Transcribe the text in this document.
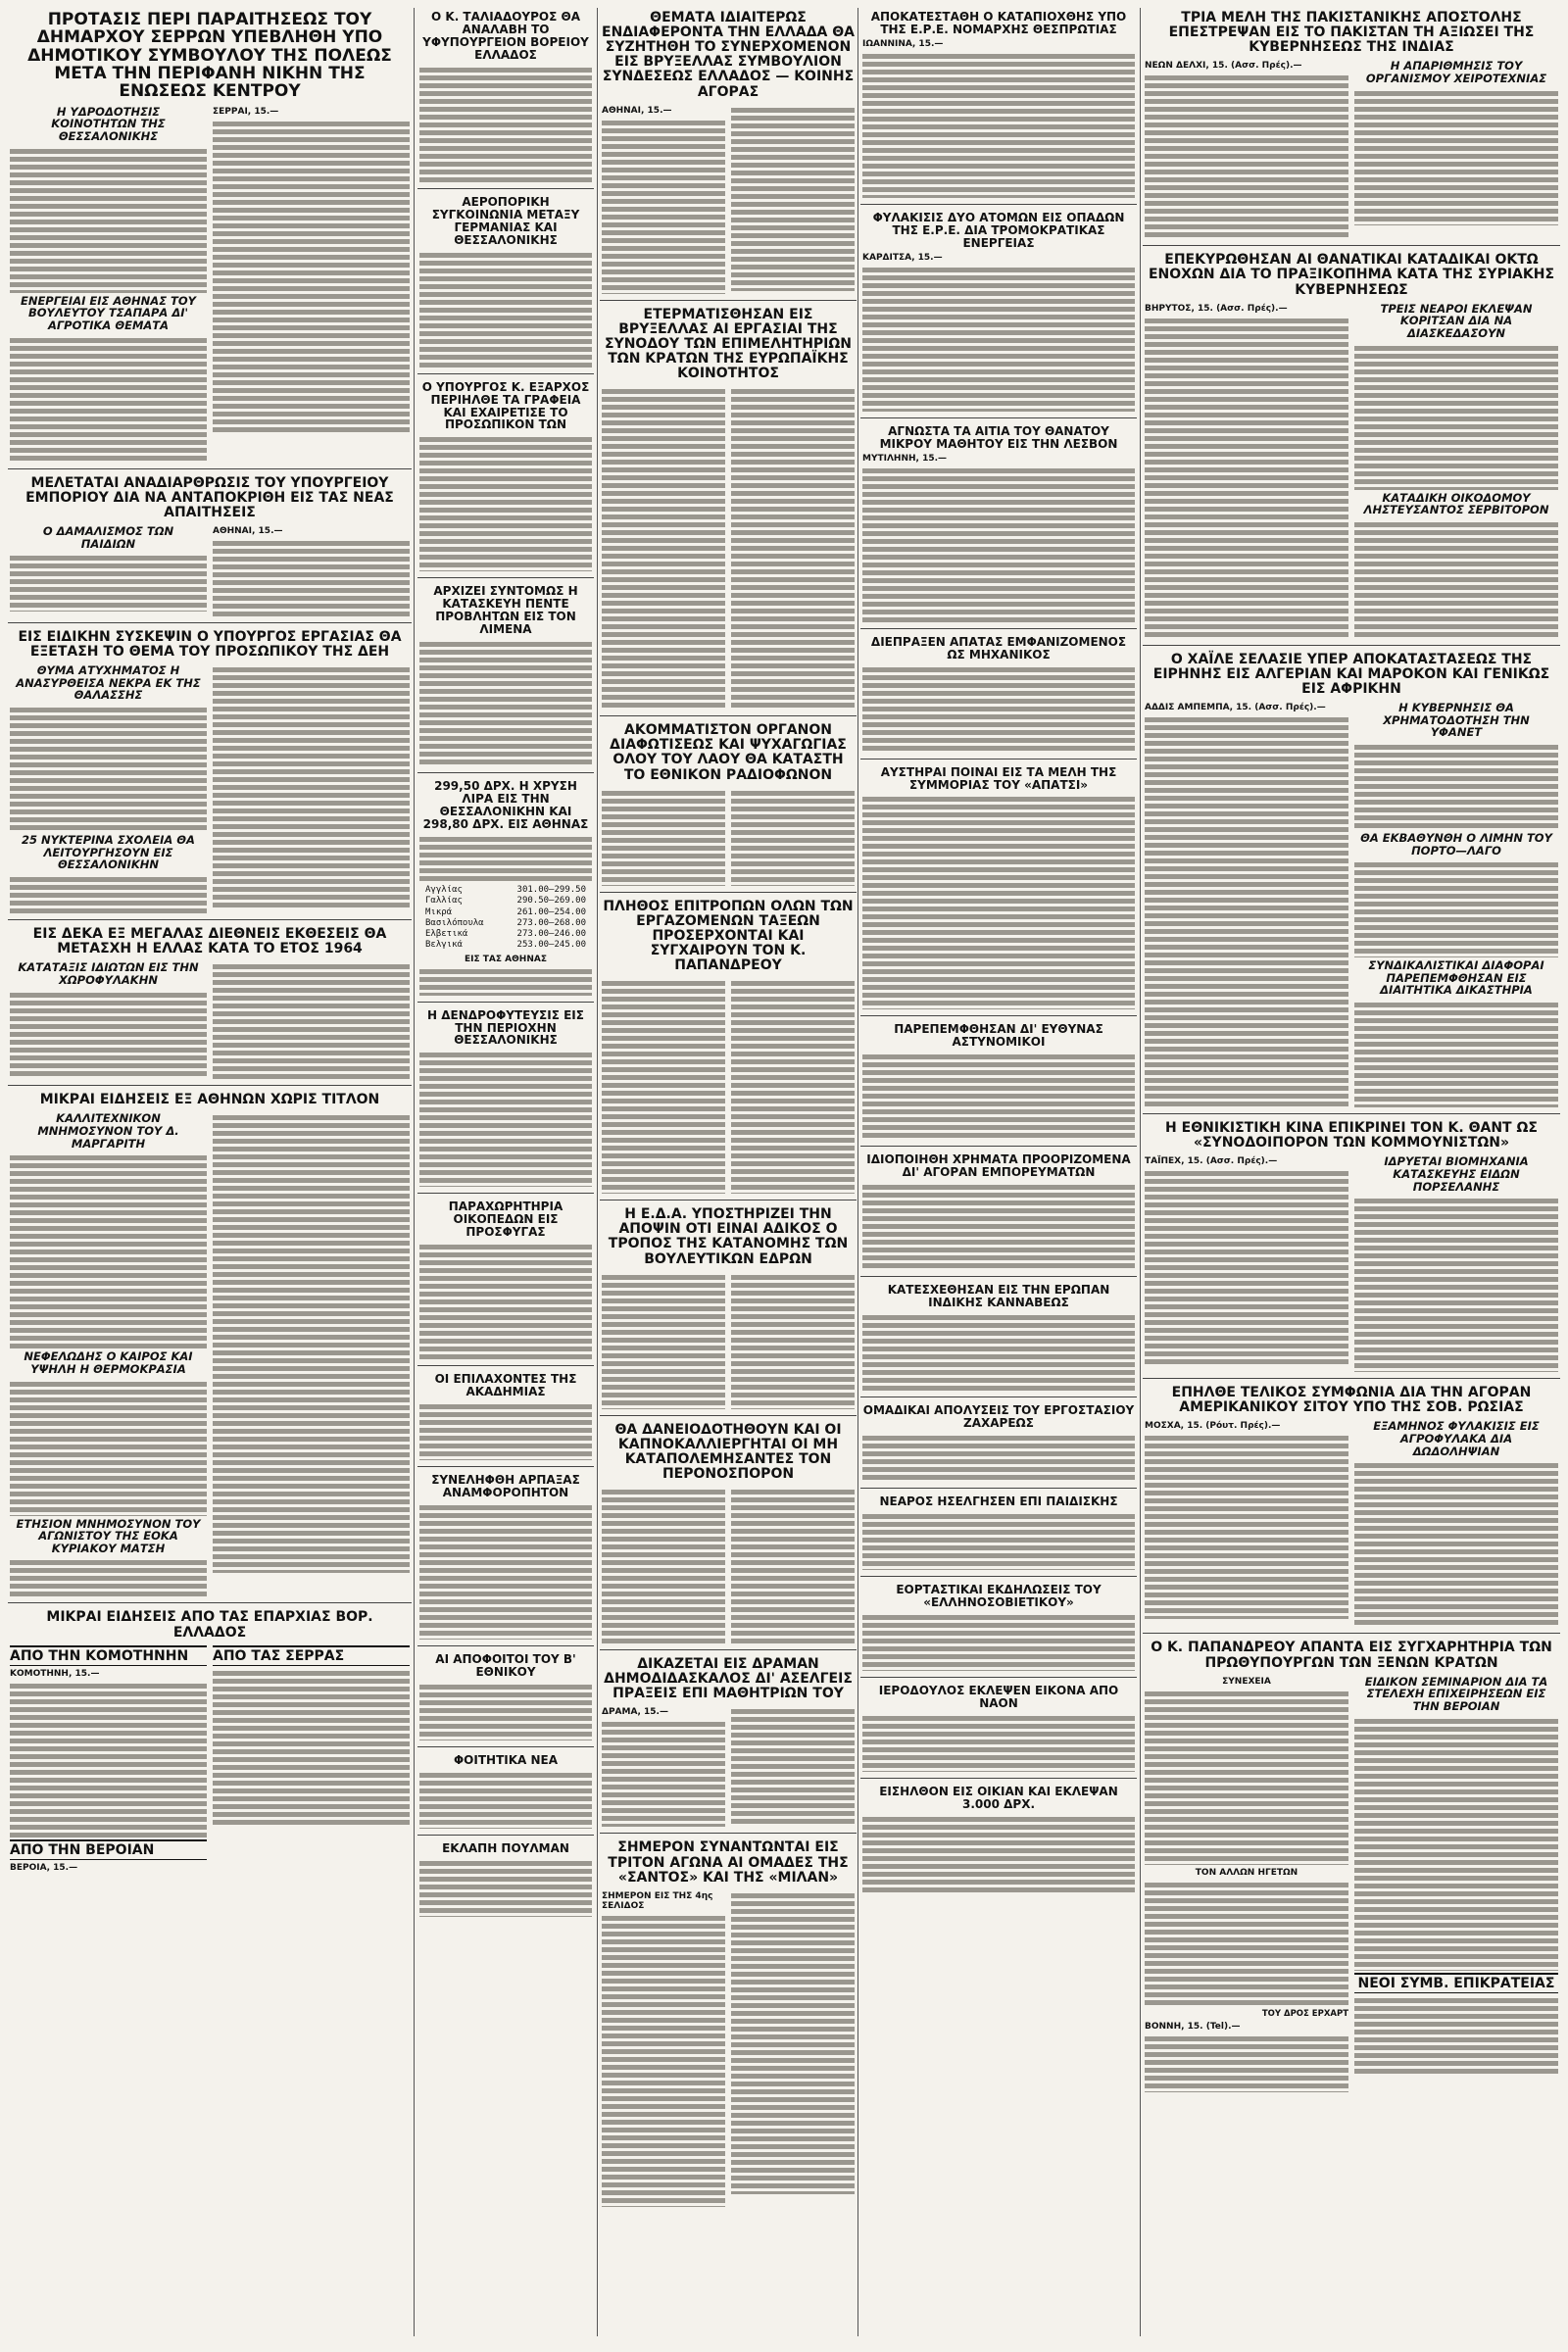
ΠΡΟΤΑΣΙΣ ΠΕΡΙ ΠΑΡΑΙΤΗΣΕΩΣ ΤΟΥ ΔΗΜΑΡΧΟΥ ΣΕΡΡΩΝ ΥΠΕΒΛΗΘΗ ΥΠΟ ΔΗΜΟΤΙΚΟΥ ΣΥΜΒΟΥΛΟΥ ΤΗΣ ΠΟΛΕΩΣ ΜΕΤΑ ΤΗΝ ΠΕΡΙΦΑΝΗ ΝΙΚΗΝ ΤΗΣ ΕΝΩΣΕΩΣ ΚΕΝΤΡΟΥ
Η ΥΔΡΟΔΟΤΗΣΙΣ ΚΟΙΝΟΤΗΤΩΝ ΤΗΣ ΘΕΣΣΑΛΟΝΙΚΗΣ

ΕΝΕΡΓΕΙΑΙ ΕΙΣ ΑΘΗΝΑΣ ΤΟΥ ΒΟΥΛΕΥΤΟΥ ΤΣΑΠΑΡΑ ΔΙ' ΑΓΡΟΤΙΚΑ ΘΕΜΑΤΑ

ΣΕΡΡΑΙ, 15.—

ΜΕΛΕΤΑΤΑΙ ΑΝΑΔΙΑΡΘΡΩΣΙΣ ΤΟΥ ΥΠΟΥΡΓΕΙΟΥ ΕΜΠΟΡΙΟΥ ΔΙΑ ΝΑ ΑΝΤΑΠΟΚΡΙΘΗ ΕΙΣ ΤΑΣ ΝΕΑΣ ΑΠΑΙΤΗΣΕΙΣ
Ο ΔΑΜΑΛΙΣΜΟΣ ΤΩΝ ΠΑΙΔΙΩΝ

ΑΘΗΝΑΙ, 15.—

ΕΙΣ ΕΙΔΙΚΗΝ ΣΥΣΚΕΨΙΝ Ο ΥΠΟΥΡΓΟΣ ΕΡΓΑΣΙΑΣ ΘΑ ΕΞΕΤΑΣΗ ΤΟ ΘΕΜΑ ΤΟΥ ΠΡΟΣΩΠΙΚΟΥ ΤΗΣ ΔΕΗ
ΘΥΜΑ ΑΤΥΧΗΜΑΤΟΣ Η ΑΝΑΣΥΡΘΕΙΣΑ ΝΕΚΡΑ ΕΚ ΤΗΣ ΘΑΛΑΣΣΗΣ

25 ΝΥΚΤΕΡΙΝΑ ΣΧΟΛΕΙΑ ΘΑ ΛΕΙΤΟΥΡΓΗΣΟΥΝ ΕΙΣ ΘΕΣΣΑΛΟΝΙΚΗΝ

ΕΙΣ ΔΕΚΑ ΕΞ ΜΕΓΑΛΑΣ ΔΙΕΘΝΕΙΣ ΕΚΘΕΣΕΙΣ ΘΑ ΜΕΤΑΣΧΗ Η ΕΛΛΑΣ ΚΑΤΑ ΤΟ ΕΤΟΣ 1964
ΚΑΤΑΤΑΞΙΣ ΙΔΙΩΤΩΝ ΕΙΣ ΤΗΝ ΧΩΡΟΦΥΛΑΚΗΝ

ΜΙΚΡΑΙ ΕΙΔΗΣΕΙΣ ΕΞ ΑΘΗΝΩΝ ΧΩΡΙΣ ΤΙΤΛΟΝ
ΚΑΛΛΙΤΕΧΝΙΚΟΝ ΜΝΗΜΟΣΥΝΟΝ ΤΟΥ Δ. ΜΑΡΓΑΡΙΤΗ

ΝΕΦΕΛΩΔΗΣ Ο ΚΑΙΡΟΣ ΚΑΙ ΥΨΗΛΗ Η ΘΕΡΜΟΚΡΑΣΙΑ

ΕΤΗΣΙΟΝ ΜΝΗΜΟΣΥΝΟΝ ΤΟΥ ΑΓΩΝΙΣΤΟΥ ΤΗΣ ΕΟΚΑ ΚΥΡΙΑΚΟΥ ΜΑΤΣΗ

ΜΙΚΡΑΙ ΕΙΔΗΣΕΙΣ ΑΠΟ ΤΑΣ ΕΠΑΡΧΙΑΣ ΒΟΡ. ΕΛΛΑΔΟΣ
ΑΠΟ ΤΗΝ ΚΟΜΟΤΗΝΗΝ
ΚΟΜΟΤΗΝΗ, 15.—

ΑΠΟ ΤΗΝ ΒΕΡΟΙΑΝ
ΒΕΡΟΙΑ, 15.—
ΑΠΟ ΤΑΣ ΣΕΡΡΑΣ

Ο Κ. ΤΑΛΙΑΔΟΥΡΟΣ ΘΑ ΑΝΑΛΑΒΗ ΤΟ ΥΦΥΠΟΥΡΓΕΙΟΝ ΒΟΡΕΙΟΥ ΕΛΛΑΔΟΣ

ΑΕΡΟΠΟΡΙΚΗ ΣΥΓΚΟΙΝΩΝΙΑ ΜΕΤΑΞΥ ΓΕΡΜΑΝΙΑΣ ΚΑΙ ΘΕΣΣΑΛΟΝΙΚΗΣ

Ο ΥΠΟΥΡΓΟΣ Κ. ΕΞΑΡΧΟΣ ΠΕΡΙΗΛΘΕ ΤΑ ΓΡΑΦΕΙΑ ΚΑΙ ΕΧΑΙΡΕΤΙΣΕ ΤΟ ΠΡΟΣΩΠΙΚΟΝ ΤΩΝ

ΑΡΧΙΖΕΙ ΣΥΝΤΟΜΩΣ Η ΚΑΤΑΣΚΕΥΗ ΠΕΝΤΕ ΠΡΟΒΛΗΤΩΝ ΕΙΣ ΤΟΝ ΛΙΜΕΝΑ

299,50 ΔΡΧ. Η ΧΡΥΣΗ ΛΙΡΑ ΕΙΣ ΤΗΝ ΘΕΣΣΑΛΟΝΙΚΗΝ ΚΑΙ 298,80 ΔΡΧ. ΕΙΣ ΑΘΗΝΑΣ

Αγγλίας	301.00—299.50
Γαλλίας	290.50—269.00
Μικρά	261.00—254.00
Βασιλόπουλα	273.00—268.00
Ελβετικά	273.00—246.00
Βελγικά	253.00—245.00
ΕΙΣ ΤΑΣ ΑΘΗΝΑΣ

Η ΔΕΝΔΡΟΦΥΤΕΥΣΙΣ ΕΙΣ ΤΗΝ ΠΕΡΙΟΧΗΝ ΘΕΣΣΑΛΟΝΙΚΗΣ

ΠΑΡΑΧΩΡΗΤΗΡΙΑ ΟΙΚΟΠΕΔΩΝ ΕΙΣ ΠΡΟΣΦΥΓΑΣ

ΟΙ ΕΠΙΛΑΧΟΝΤΕΣ ΤΗΣ ΑΚΑΔΗΜΙΑΣ

ΣΥΝΕΛΗΦΘΗ ΑΡΠΑΞΑΣ ΑΝΑΜΦΟΡΟΠΗΤΟΝ

ΑΙ ΑΠΟΦΟΙΤΟΙ ΤΟΥ Β' ΕΘΝΙΚΟΥ

ΦΟΙΤΗΤΙΚΑ ΝΕΑ

ΕΚΛΑΠΗ ΠΟΥΛΜΑΝ

ΘΕΜΑΤΑ ΙΔΙΑΙΤΕΡΩΣ ΕΝΔΙΑΦΕΡΟΝΤΑ ΤΗΝ ΕΛΛΑΔΑ ΘΑ ΣΥΖΗΤΗΘΗ ΤΟ ΣΥΝΕΡΧΟΜΕΝΟΝ ΕΙΣ ΒΡΥΞΕΛΛΑΣ ΣΥΜΒΟΥΛΙΟΝ ΣΥΝΔΕΣΕΩΣ ΕΛΛΑΔΟΣ — ΚΟΙΝΗΣ ΑΓΟΡΑΣ
ΑΘΗΝΑΙ, 15.—

ΕΤΕΡΜΑΤΙΣΘΗΣΑΝ ΕΙΣ ΒΡΥΞΕΛΛΑΣ ΑΙ ΕΡΓΑΣΙΑΙ ΤΗΣ ΣΥΝΟΔΟΥ ΤΩΝ ΕΠΙΜΕΛΗΤΗΡΙΩΝ ΤΩΝ ΚΡΑΤΩΝ ΤΗΣ ΕΥΡΩΠΑΪΚΗΣ ΚΟΙΝΟΤΗΤΟΣ

ΑΚΟΜΜΑΤΙΣΤΟΝ ΟΡΓΑΝΟΝ ΔΙΑΦΩΤΙΣΕΩΣ ΚΑΙ ΨΥΧΑΓΩΓΙΑΣ ΟΛΟΥ ΤΟΥ ΛΑΟΥ ΘΑ ΚΑΤΑΣΤΗ ΤΟ ΕΘΝΙΚΟΝ ΡΑΔΙΟΦΩΝΟΝ

ΠΛΗΘΟΣ ΕΠΙΤΡΟΠΩΝ ΟΛΩΝ ΤΩΝ ΕΡΓΑΖΟΜΕΝΩΝ ΤΑΞΕΩΝ ΠΡΟΣΕΡΧΟΝΤΑΙ ΚΑΙ ΣΥΓΧΑΙΡΟΥΝ ΤΟΝ Κ. ΠΑΠΑΝΔΡΕΟΥ

Η Ε.Δ.Α. ΥΠΟΣΤΗΡΙΖΕΙ ΤΗΝ ΑΠΟΨΙΝ ΟΤΙ ΕΙΝΑΙ ΑΔΙΚΟΣ Ο ΤΡΟΠΟΣ ΤΗΣ ΚΑΤΑΝΟΜΗΣ ΤΩΝ ΒΟΥΛΕΥΤΙΚΩΝ ΕΔΡΩΝ

ΘΑ ΔΑΝΕΙΟΔΟΤΗΘΟΥΝ ΚΑΙ ΟΙ ΚΑΠΝΟΚΑΛΛΙΕΡΓΗΤΑΙ ΟΙ ΜΗ ΚΑΤΑΠΟΛΕΜΗΣΑΝΤΕΣ ΤΟΝ ΠΕΡΟΝΟΣΠΟΡΟΝ

ΔΙΚΑΖΕΤΑΙ ΕΙΣ ΔΡΑΜΑΝ ΔΗΜΟΔΙΔΑΣΚΑΛΟΣ ΔΙ' ΑΣΕΛΓΕΙΣ ΠΡΑΞΕΙΣ ΕΠΙ ΜΑΘΗΤΡΙΩΝ ΤΟΥ
ΔΡΑΜΑ, 15.—

ΣΗΜΕΡΟΝ ΣΥΝΑΝΤΩΝΤΑΙ ΕΙΣ ΤΡΙΤΟΝ ΑΓΩΝΑ ΑΙ ΟΜΑΔΕΣ ΤΗΣ «ΣΑΝΤΟΣ» ΚΑΙ ΤΗΣ «ΜΙΛΑΝ»
ΣΗΜΕΡΟΝ ΕΙΣ ΤΗΣ 4ης ΣΕΛΙΔΟΣ

ΑΠΟΚΑΤΕΣΤΑΘΗ Ο ΚΑΤΑΠΙΟΧΘΗΣ ΥΠΟ ΤΗΣ Ε.Ρ.Ε. ΝΟΜΑΡΧΗΣ ΘΕΣΠΡΩΤΙΑΣ
ΙΩΑΝΝΙΝΑ, 15.—

ΦΥΛΑΚΙΣΙΣ ΔΥΟ ΑΤΟΜΩΝ ΕΙΣ ΟΠΑΔΩΝ ΤΗΣ Ε.Ρ.Ε. ΔΙΑ ΤΡΟΜΟΚΡΑΤΙΚΑΣ ΕΝΕΡΓΕΙΑΣ
ΚΑΡΔΙΤΣΑ, 15.—

ΑΓΝΩΣΤΑ ΤΑ ΑΙΤΙΑ ΤΟΥ ΘΑΝΑΤΟΥ ΜΙΚΡΟΥ ΜΑΘΗΤΟΥ ΕΙΣ ΤΗΝ ΛΕΣΒΟΝ
ΜΥΤΙΛΗΝΗ, 15.—

ΔΙΕΠΡΑΞΕΝ ΑΠΑΤΑΣ ΕΜΦΑΝΙΖΟΜΕΝΟΣ ΩΣ ΜΗΧΑΝΙΚΟΣ

ΑΥΣΤΗΡΑΙ ΠΟΙΝΑΙ ΕΙΣ ΤΑ ΜΕΛΗ ΤΗΣ ΣΥΜΜΟΡΙΑΣ ΤΟΥ «ΑΠΑΤΣΙ»

ΠΑΡΕΠΕΜΦΘΗΣΑΝ ΔΙ' ΕΥΘΥΝΑΣ ΑΣΤΥΝΟΜΙΚΟΙ

ΙΔΙΟΠΟΙΗΘΗ ΧΡΗΜΑΤΑ ΠΡΟΟΡΙΖΟΜΕΝΑ ΔΙ' ΑΓΟΡΑΝ ΕΜΠΟΡΕΥΜΑΤΩΝ

ΚΑΤΕΣΧΕΘΗΣΑΝ ΕΙΣ ΤΗΝ ΕΡΩΠΑΝ ΙΝΔΙΚΗΣ ΚΑΝΝΑΒΕΩΣ

ΟΜΑΔΙΚΑΙ ΑΠΟΛΥΣΕΙΣ ΤΟΥ ΕΡΓΟΣΤΑΣΙΟΥ ΖΑΧΑΡΕΩΣ

ΝΕΑΡΟΣ ΗΣΕΛΓΗΣΕΝ ΕΠΙ ΠΑΙΔΙΣΚΗΣ

ΕΟΡΤΑΣΤΙΚΑΙ ΕΚΔΗΛΩΣΕΙΣ ΤΟΥ «ΕΛΛΗΝΟΣΟΒΙΕΤΙΚΟΥ»

ΙΕΡΟΔΟΥΛΟΣ ΕΚΛΕΨΕΝ ΕΙΚΟΝΑ ΑΠΟ ΝΑΟΝ

ΕΙΣΗΛΘΟΝ ΕΙΣ ΟΙΚΙΑΝ ΚΑΙ ΕΚΛΕΨΑΝ 3.000 ΔΡΧ.

ΤΡΙΑ ΜΕΛΗ ΤΗΣ ΠΑΚΙΣΤΑΝΙΚΗΣ ΑΠΟΣΤΟΛΗΣ ΕΠΕΣΤΡΕΨΑΝ ΕΙΣ ΤΟ ΠΑΚΙΣΤΑΝ ΤΗ ΑΞΙΩΣΕΙ ΤΗΣ ΚΥΒΕΡΝΗΣΕΩΣ ΤΗΣ ΙΝΔΙΑΣ
ΝΕΩΝ ΔΕΛΧΙ, 15. (Ασσ. Πρές).—	Η ΑΠΑΡΙΘΜΗΣΙΣ ΤΟΥ ΟΡΓΑΝΙΣΜΟΥ ΧΕΙΡΟΤΕΧΝΙΑΣ

ΕΠΕΚΥΡΩΘΗΣΑΝ ΑΙ ΘΑΝΑΤΙΚΑΙ ΚΑΤΑΔΙΚΑΙ ΟΚΤΩ ΕΝΟΧΩΝ ΔΙΑ ΤΟ ΠΡΑΞΙΚΟΠΗΜΑ ΚΑΤΑ ΤΗΣ ΣΥΡΙΑΚΗΣ ΚΥΒΕΡΝΗΣΕΩΣ
ΒΗΡΥΤΟΣ, 15. (Ασσ. Πρές).—	ΤΡΕΙΣ ΝΕΑΡΟΙ ΕΚΛΕΨΑΝ ΚΟΡΙΤΣΑΝ ΔΙΑ ΝΑ ΔΙΑΣΚΕΔΑΣΟΥΝ

ΚΑΤΑΔΙΚΗ ΟΙΚΟΔΟΜΟΥ ΛΗΣΤΕΥΣΑΝΤΟΣ ΣΕΡΒΙΤΟΡΟΝ

Ο ΧΑΪΛΕ ΣΕΛΑΣΙΕ ΥΠΕΡ ΑΠΟΚΑΤΑΣΤΑΣΕΩΣ ΤΗΣ ΕΙΡΗΝΗΣ ΕΙΣ ΑΛΓΕΡΙΑΝ ΚΑΙ ΜΑΡΟΚΟΝ ΚΑΙ ΓΕΝΙΚΩΣ ΕΙΣ ΑΦΡΙΚΗΝ
ΑΔΔΙΣ ΑΜΠΕΜΠΑ, 15. (Ασσ. Πρές).—	Η ΚΥΒΕΡΝΗΣΙΣ ΘΑ ΧΡΗΜΑΤΟΔΟΤΗΣΗ ΤΗΝ ΥΦΑΝΕΤ

ΘΑ ΕΚΒΑΘΥΝΘΗ Ο ΛΙΜΗΝ ΤΟΥ ΠΟΡΤΟ—ΛΑΓΟ

ΣΥΝΔΙΚΑΛΙΣΤΙΚΑΙ ΔΙΑΦΟΡΑΙ ΠΑΡΕΠΕΜΦΘΗΣΑΝ ΕΙΣ ΔΙΑΙΤΗΤΙΚΑ ΔΙΚΑΣΤΗΡΙΑ

Η ΕΘΝΙΚΙΣΤΙΚΗ ΚΙΝΑ ΕΠΙΚΡΙΝΕΙ ΤΟΝ Κ. ΘΑΝΤ ΩΣ «ΣΥΝΟΔΟΙΠΟΡΟΝ ΤΩΝ ΚΟΜΜΟΥΝΙΣΤΩΝ»
ΤΑΪΠΕΧ, 15. (Ασσ. Πρές).—	ΙΔΡΥΕΤΑΙ ΒΙΟΜΗΧΑΝΙΑ ΚΑΤΑΣΚΕΥΗΣ ΕΙΔΩΝ ΠΟΡΣΕΛΑΝΗΣ

ΕΠΗΛΘΕ ΤΕΛΙΚΟΣ ΣΥΜΦΩΝΙΑ ΔΙΑ ΤΗΝ ΑΓΟΡΑΝ ΑΜΕΡΙΚΑΝΙΚΟΥ ΣΙΤΟΥ ΥΠΟ ΤΗΣ ΣΟΒ. ΡΩΣΙΑΣ
ΜΟΣΧΑ, 15. (Ρόυτ. Πρές).—	ΕΞΑΜΗΝΟΣ ΦΥΛΑΚΙΣΙΣ ΕΙΣ ΑΓΡΟΦΥΛΑΚΑ ΔΙΑ ΔΩΔΟΛΗΨΙΑΝ

Ο Κ. ΠΑΠΑΝΔΡΕΟΥ ΑΠΑΝΤΑ ΕΙΣ ΣΥΓΧΑΡΗΤΗΡΙΑ ΤΩΝ ΠΡΩΘΥΠΟΥΡΓΩΝ ΤΩΝ ΞΕΝΩΝ ΚΡΑΤΩΝ
ΣΥΝΕΧΕΙΑ

ΤΟΝ ΑΛΛΩΝ ΗΓΕΤΩΝ

ΤΟΥ ΔΡΟΣ ΕΡΧΑΡΤ
ΒΟΝΝΗ, 15. (Tel).—

ΕΙΔΙΚΟΝ ΣΕΜΙΝΑΡΙΟΝ ΔΙΑ ΤΑ ΣΤΕΛΕΧΗ ΕΠΙΧΕΙΡΗΣΕΩΝ ΕΙΣ ΤΗΝ ΒΕΡΟΙΑΝ

ΝΕΟΙ ΣΥΜΒ. ΕΠΙΚΡΑΤΕΙΑΣ
